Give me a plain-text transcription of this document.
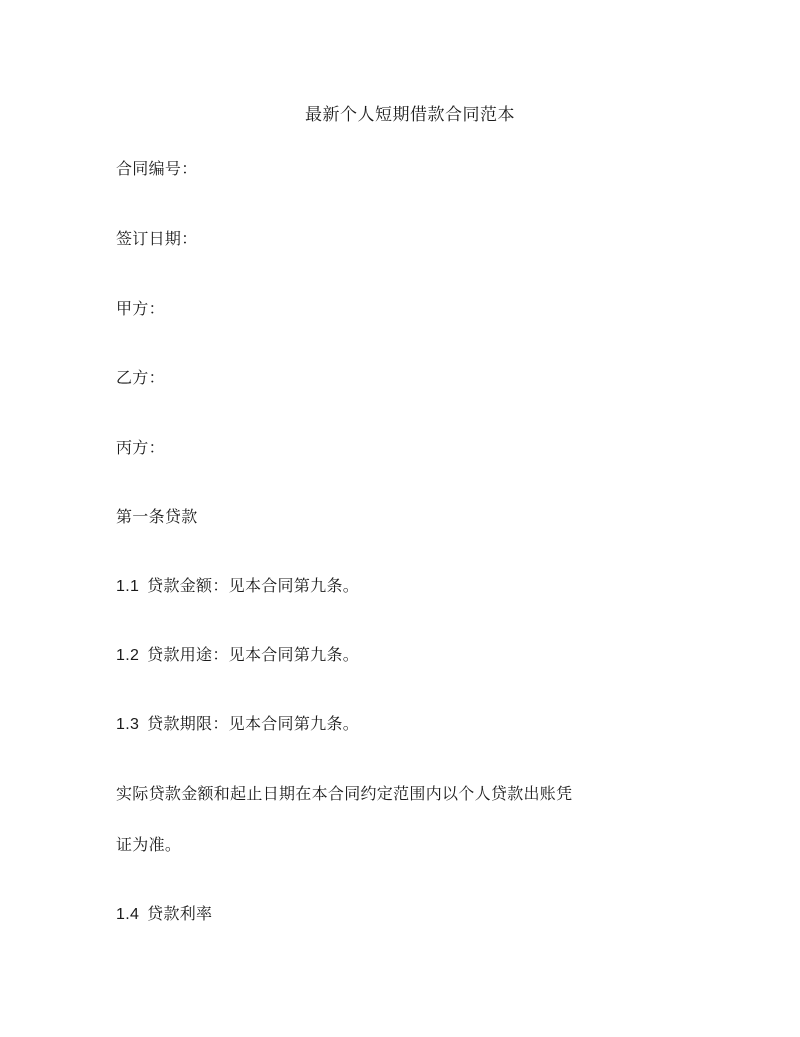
最新个人短期借款合同范本
合同编号：
签订日期：
甲方：
乙方：
丙方：
第一条贷款
1.1 贷款金额：见本合同第九条。
1.2 贷款用途：见本合同第九条。
1.3 贷款期限：见本合同第九条。
实际贷款金额和起止日期在本合同约定范围内以个人贷款出账凭
证为准。
1.4 贷款利率
